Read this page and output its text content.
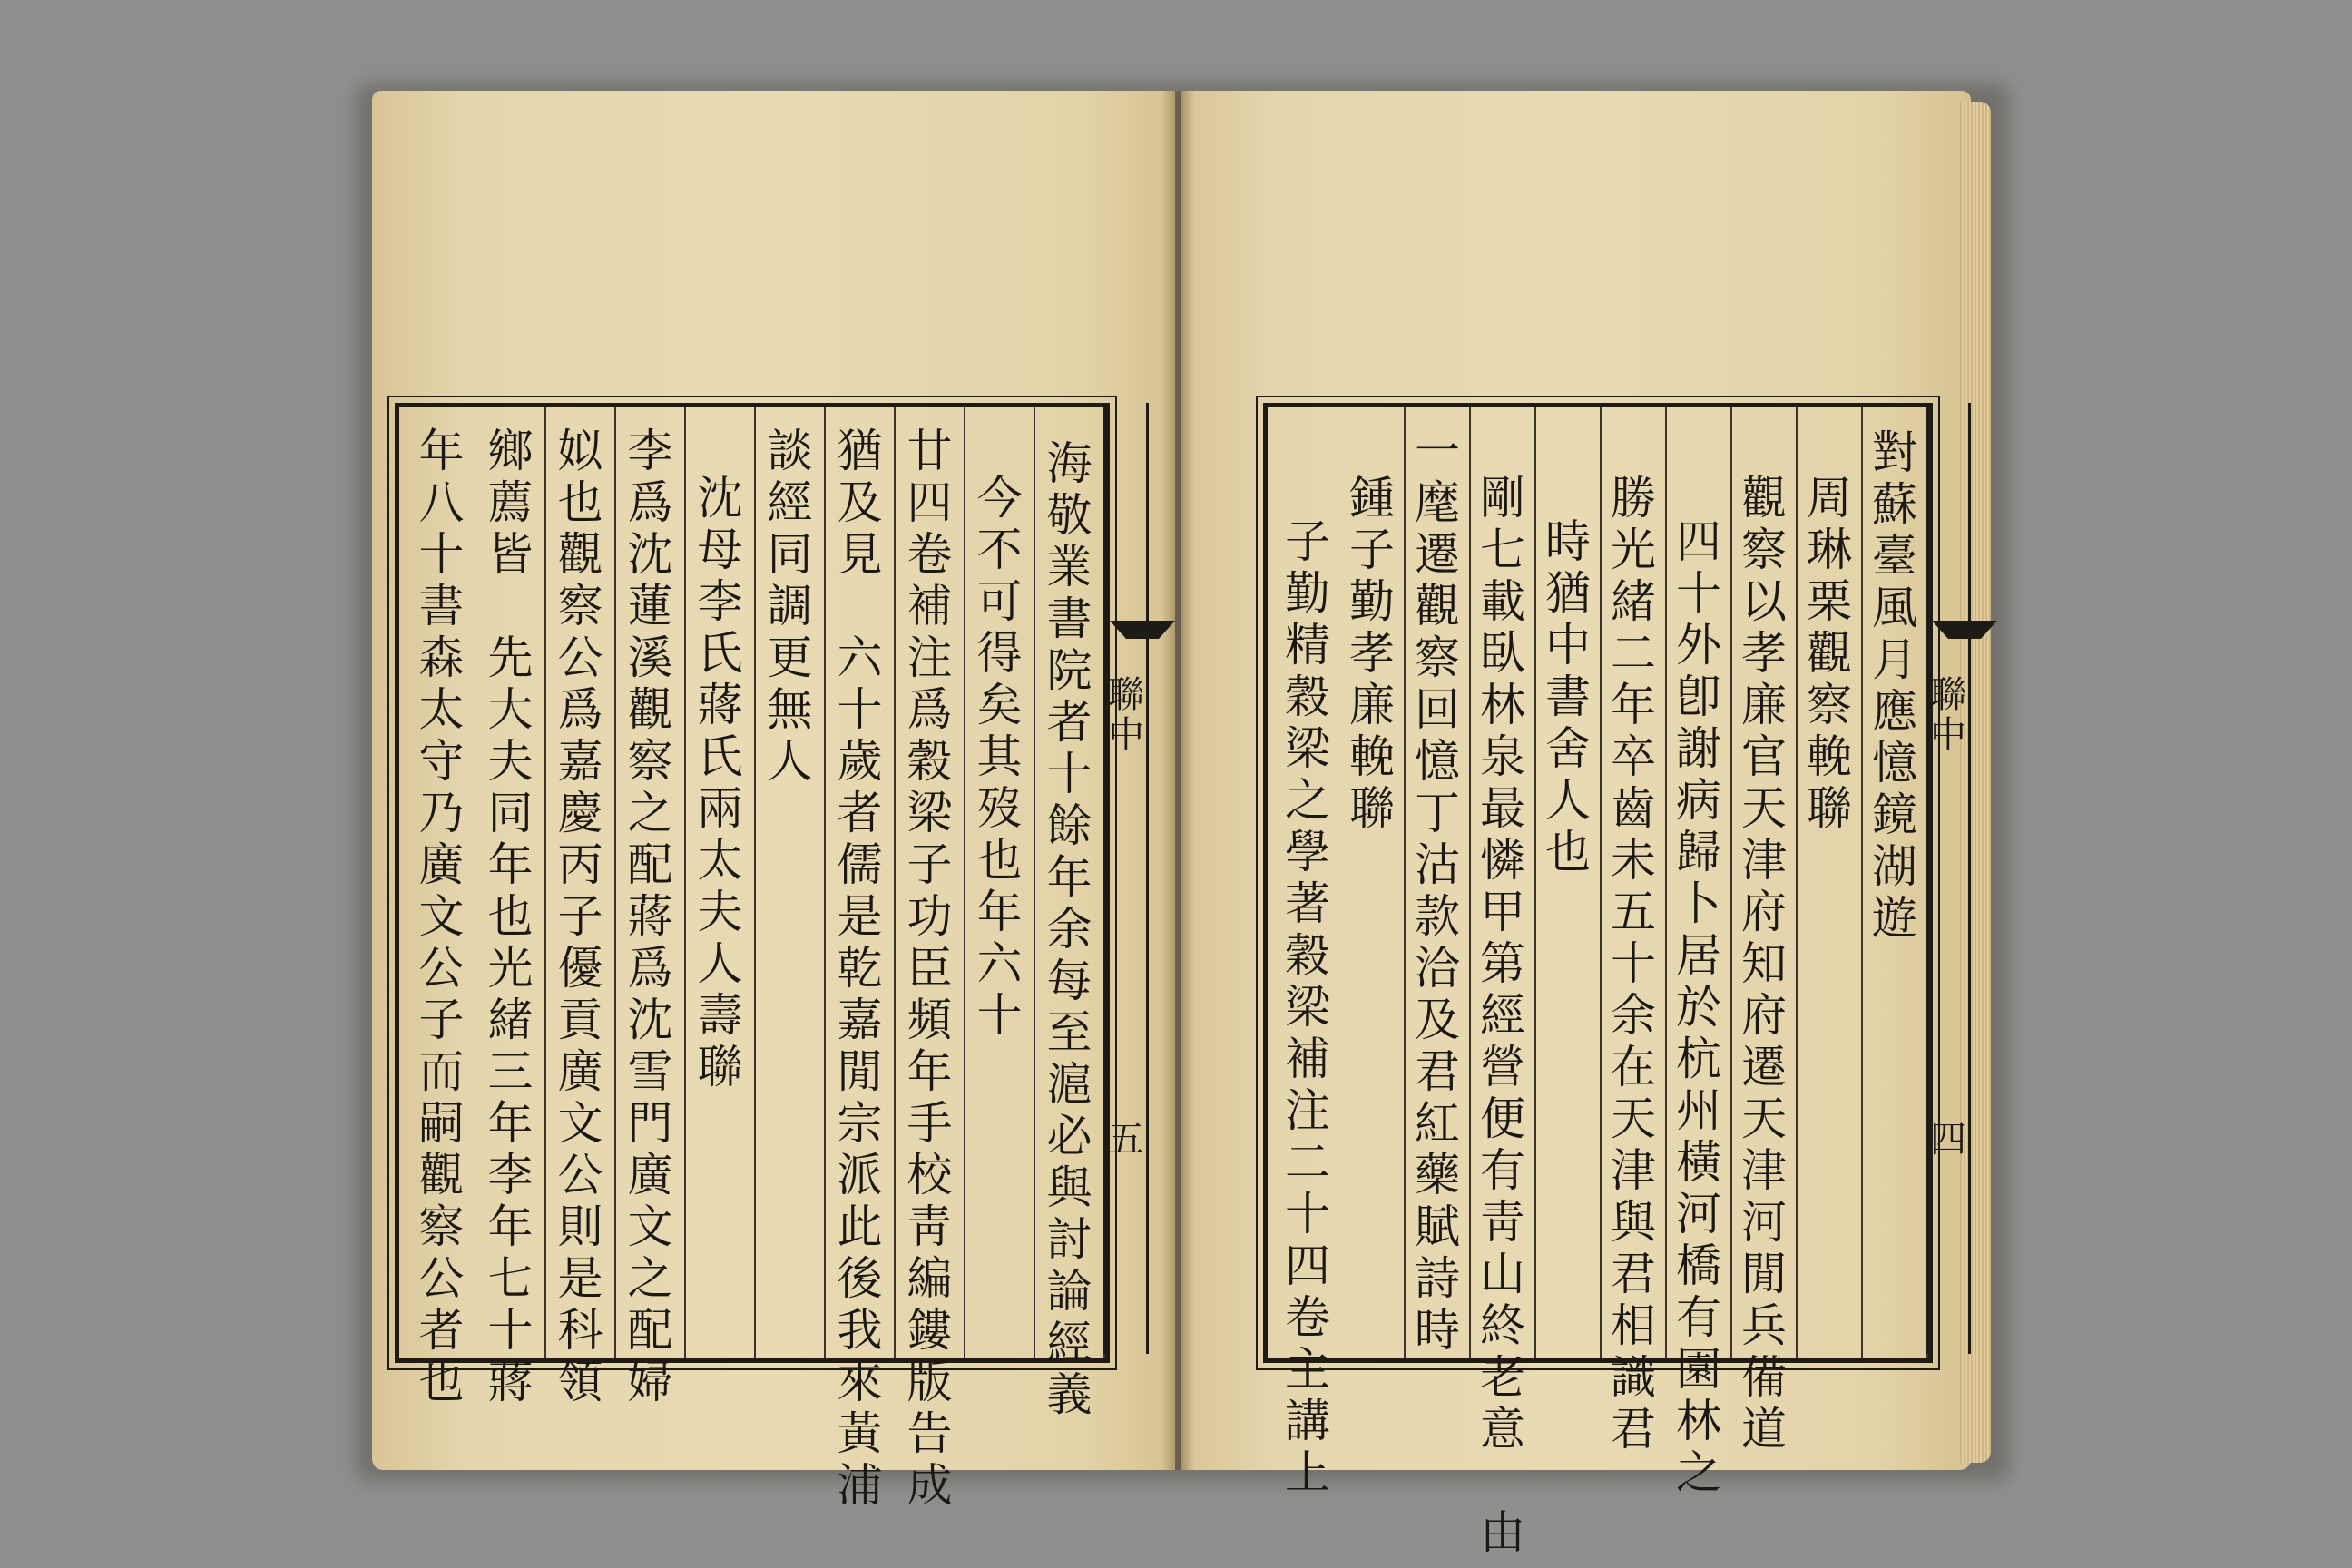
海
敬
業
書
院
者
十
餘
年
余
每
至
滬
必
與
討
論
經
義
今
不
可
得
矣
其
歿
也
年
六
十
廿
四
卷
補
注
爲
穀
梁
子
功
臣
頻
年
手
校
靑
編
鏤
版
告
成
猶
及
見

六
十
歲
者
儒
是
乾
嘉
閒
宗
派
此
後
我
來
黃
浦
談
經
同
調
更
無
人
沈
母
李
氏
蔣
氏
兩
太
夫
人
壽
聯
李
爲
沈
蓮
溪
觀
察
之
配
蔣
爲
沈
雪
門
廣
文
之
配
婦
姒
也
觀
察
公
爲
嘉
慶
丙
子
優
貢
廣
文
公
則
是
科
領
鄉
薦
皆

先
大
夫
同
年
也
光
緒
三
年
李
年
七
十
蔣
年
八
十
書
森
太
守
乃
廣
文
公
子
而
嗣
觀
察
公
者
也
聯中
五
對
蘇
臺
風
月
應
憶
鏡
湖
遊
周
琳
栗
觀
察
輓
聯
觀
察
以
孝
廉
官
天
津
府
知
府
遷
天
津
河
閒
兵
備
道
四
十
外
卽
謝
病
歸
卜
居
於
杭
州
橫
河
橋
有
園
林
之
勝
光
緒
二
年
卒
齒
未
五
十
余
在
天
津
與
君
相
識
君
時
猶
中
書
舍
人
也
剛
七
載
臥
林
泉
最
憐
甲
第
經
營
便
有
靑
山
終
老
意

由
一
麾
遷
觀
察
回
憶
丁
沽
款
洽
及
君
紅
藥
賦
詩
時
鍾
子
勤
孝
廉
輓
聯
子
勤
精
穀
梁
之
學
著
穀
梁
補
注
二
十
四
卷
主
講
上
聯中
四
